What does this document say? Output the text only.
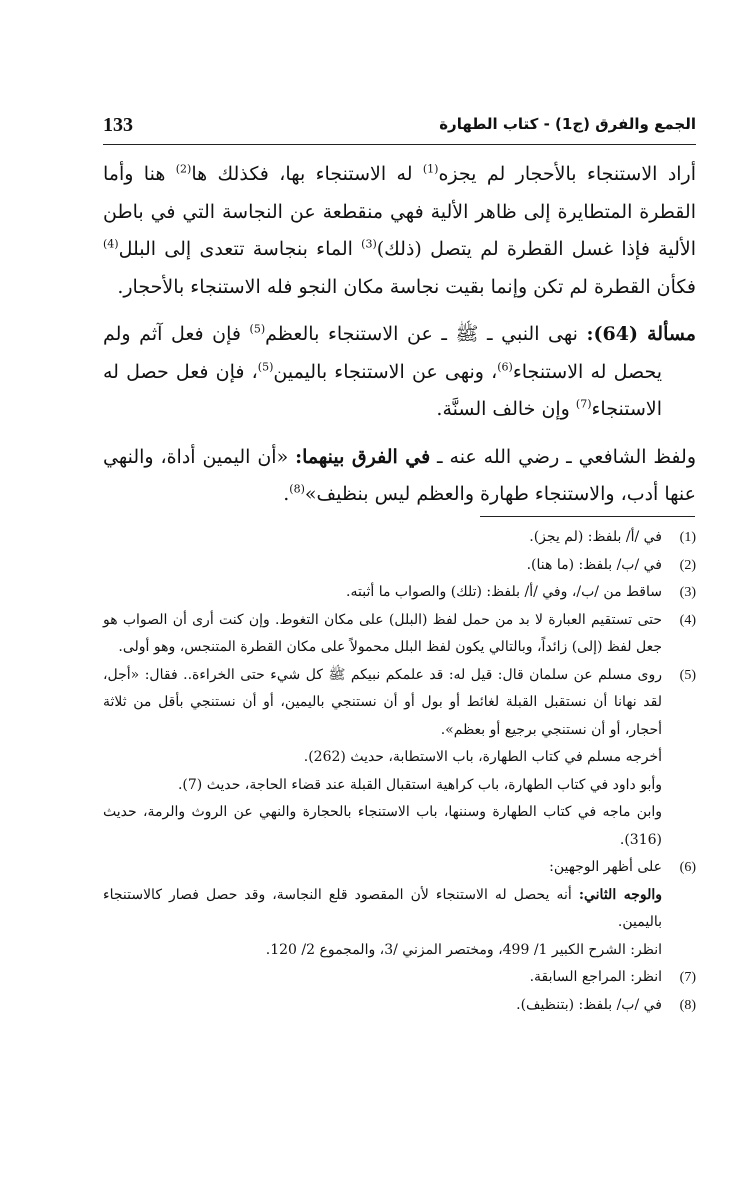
133	الجمع والفرق (ج1) - كتاب الطهارة

أراد الاستنجاء بالأحجار لم يجزه$^{(1)}$ له الاستنجاء بها، فكذلك ها$^{(2)}$ هنا وأما القطرة المتطايرة إلى ظاهر الألية فهي منقطعة عن النجاسة التي في باطن الألية فإذا غسل القطرة لم يتصل (ذلك)$^{(3)}$ الماء بنجاسة تتعدى إلى البلل$^{(4)}$ فكأن القطرة لم تكن وإنما بقيت نجاسة مكان النجو فله الاستنجاء بالأحجار.

مسألة (64): نهى النبي ـ ﷺ ـ عن الاستنجاء بالعظم$^{(5)}$ فإن فعل آثم ولم يحصل له الاستنجاء$^{(6)}$، ونهى عن الاستنجاء باليمين$^{(5)}$، فإن فعل حصل له الاستنجاء$^{(7)}$ وإن خالف السنَّة.

ولفظ الشافعي ـ رضي الله عنه ـ في الفرق بينهما: «أن اليمين أداة، والنهي عنها أدب، والاستنجاء طهارة والعظم ليس بنظيف»$^{(8)}$.

(1)
في /أ/ بلفظ: (لم يجز).
(2)
في /ب/ بلفظ: (ما هنا).
(3)
ساقط من /ب/، وفي /أ/ بلفظ: (تلك) والصواب ما أثبته.
(4)
حتى تستقيم العبارة لا بد من حمل لفظ (البلل) على مكان التغوط. وإن كنت أرى أن الصواب هو جعل لفظ (إلى) زائداً، وبالتالي يكون لفظ البلل محمولاً على مكان القطرة المتنجس، وهو أولى.
(5)

روى مسلم عن سلمان قال: قيل له: قد علمكم نبيكم ﷺ كل شيء حتى الخراءة.. فقال: «أجل، لقد نهانا أن نستقبل القبلة لغائط أو بول أو أن نستنجي باليمين، أو أن نستنجي بأقل من ثلاثة أحجار، أو أن نستنجي برجيع أو بعظم».

أخرجه مسلم في كتاب الطهارة، باب الاستطابة، حديث (262).

وأبو داود في كتاب الطهارة، باب كراهية استقبال القبلة عند قضاء الحاجة، حديث (7).

وابن ماجه في كتاب الطهارة وسننها، باب الاستنجاء بالحجارة والنهي عن الروث والرمة، حديث (316).

(6)

على أظهر الوجهين:

والوجه الثاني: أنه يحصل له الاستنجاء لأن المقصود قلع النجاسة، وقد حصل فصار كالاستنجاء باليمين.

انظر: الشرح الكبير 1/ 499، ومختصر المزني /3، والمجموع 2/ 120.

(7)
انظر: المراجع السابقة.
(8)
في /ب/ بلفظ: (بتنظيف).
